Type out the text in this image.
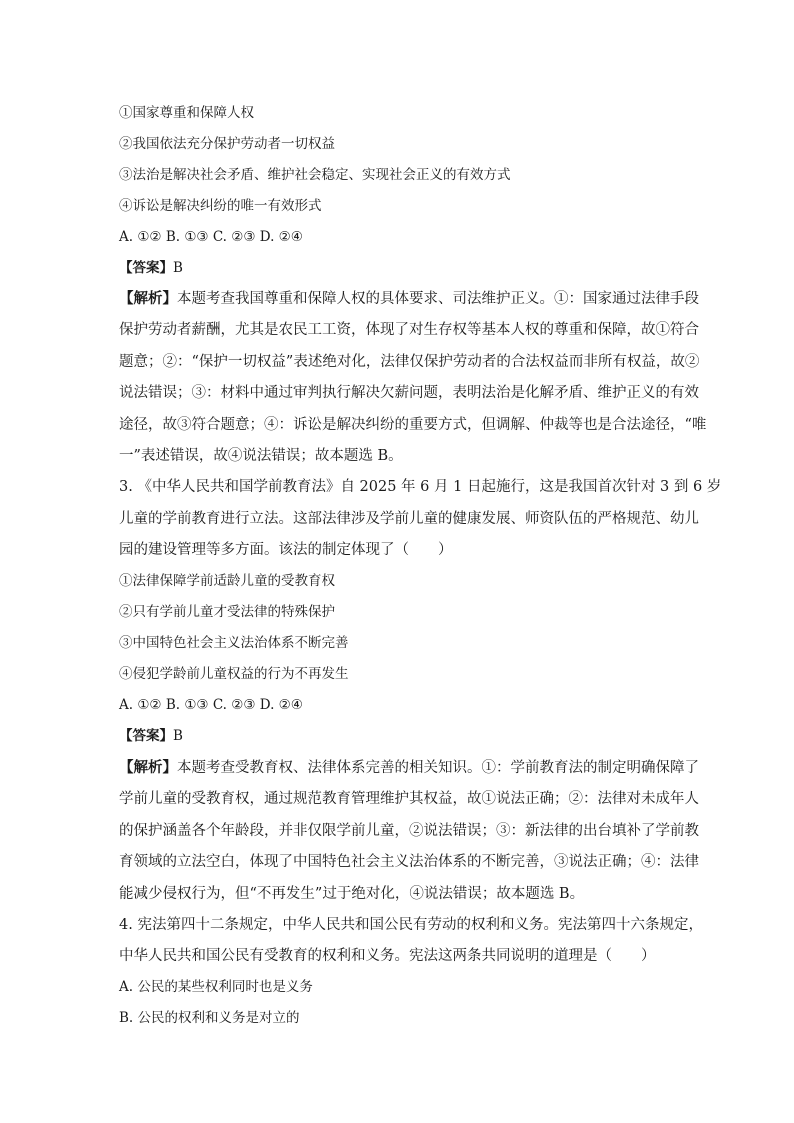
①国家尊重和保障人权
②我国依法充分保护劳动者一切权益
③法治是解决社会矛盾、维护社会稳定、实现社会正义的有效方式
④诉讼是解决纠纷的唯一有效形式
A. ①② B. ①③ C. ②③ D. ②④
【答案】B
【解析】本题考查我国尊重和保障人权的具体要求、司法维护正义。①：国家通过法律手段
保护劳动者薪酬，尤其是农民工工资，体现了对生存权等基本人权的尊重和保障，故①符合
题意；②：“保护一切权益”表述绝对化，法律仅保护劳动者的合法权益而非所有权益，故②
说法错误；③：材料中通过审判执行解决欠薪问题，表明法治是化解矛盾、维护正义的有效
途径，故③符合题意；④：诉讼是解决纠纷的重要方式，但调解、仲裁等也是合法途径，“唯
一”表述错误，故④说法错误；故本题选 B。
3. 《中华人民共和国学前教育法》自 2025 年 6 月 1 日起施行，这是我国首次针对 3 到 6 岁
儿童的学前教育进行立法。这部法律涉及学前儿童的健康发展、师资队伍的严格规范、幼儿
园的建设管理等多方面。该法的制定体现了（　　）
①法律保障学前适龄儿童的受教育权
②只有学前儿童才受法律的特殊保护
③中国特色社会主义法治体系不断完善
④侵犯学龄前儿童权益的行为不再发生
A. ①② B. ①③ C. ②③ D. ②④
【答案】B
【解析】本题考查受教育权、法律体系完善的相关知识。①：学前教育法的制定明确保障了
学前儿童的受教育权，通过规范教育管理维护其权益，故①说法正确；②：法律对未成年人
的保护涵盖各个年龄段，并非仅限学前儿童，②说法错误；③：新法律的出台填补了学前教
育领域的立法空白，体现了中国特色社会主义法治体系的不断完善，③说法正确；④：法律
能减少侵权行为，但“不再发生”过于绝对化，④说法错误；故本题选 B。
4. 宪法第四十二条规定，中华人民共和国公民有劳动的权利和义务。宪法第四十六条规定，
中华人民共和国公民有受教育的权利和义务。宪法这两条共同说明的道理是（　　）
A. 公民的某些权利同时也是义务
B. 公民的权利和义务是对立的
